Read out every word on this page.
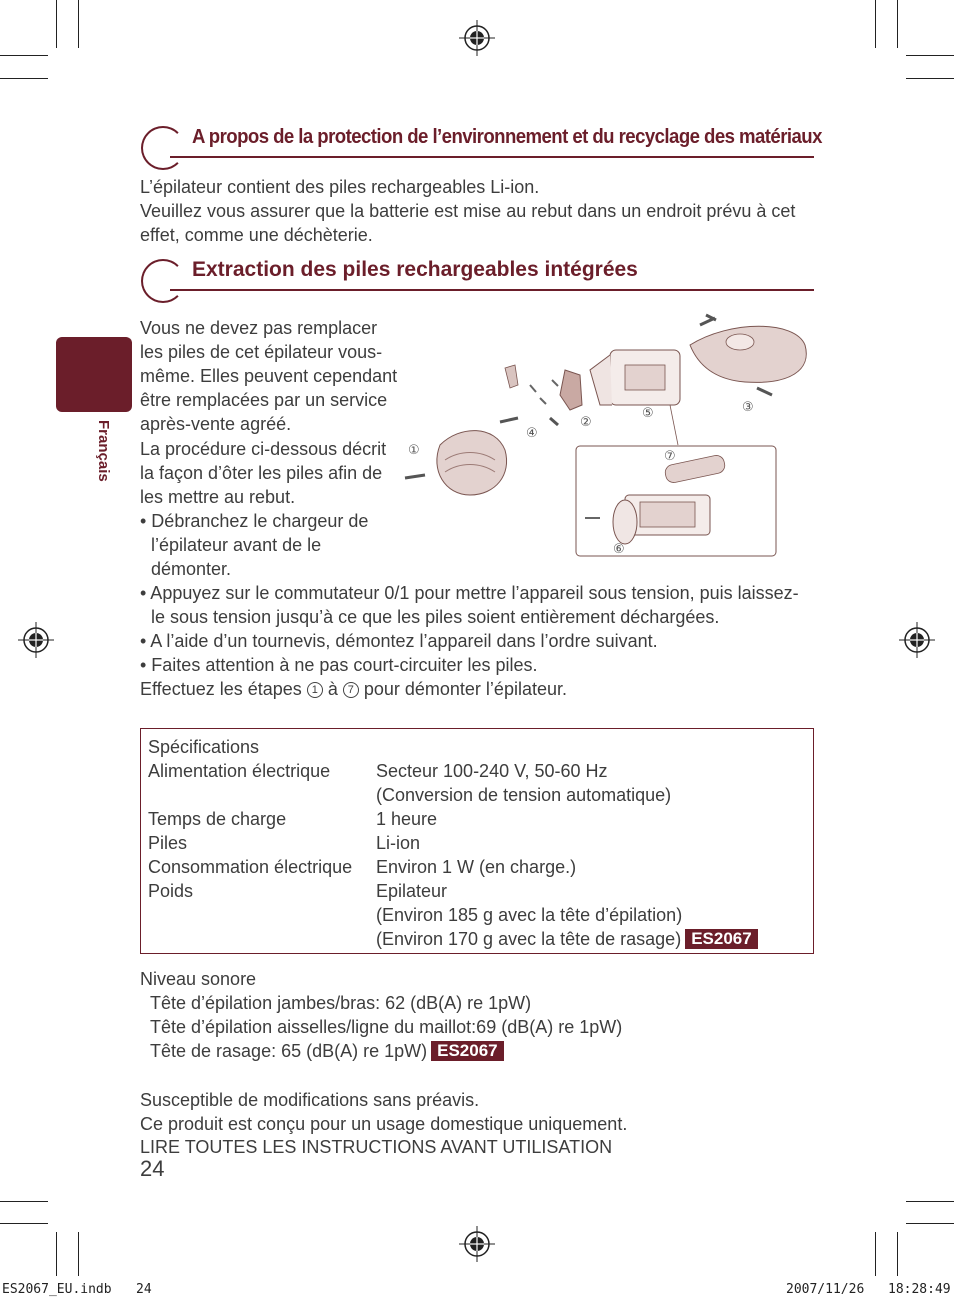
A propos de la protection de l’environnement et du recyclage des matériaux
L’épilateur contient des piles rechargeables Li-ion.
Veuillez vous assurer que la batterie est mise au rebut dans un endroit prévu à cet
effet, comme une déchèterie.
Extraction des piles rechargeables intégrées
Français
Vous ne devez pas remplacer
les piles de cet épilateur vous-
même. Elles peuvent cependant
être remplacées par un service
après-vente agréé.
La procédure ci-dessous décrit
la façon d’ôter les piles afin de
les mettre au rebut.
• Débranchez le chargeur de
l’épilateur avant de le
démonter.
• Appuyez sur le commutateur 0/1 pour mettre l’appareil sous tension, puis laissez-
le sous tension jusqu’à ce que les piles soient entièrement déchargées.
• A l’aide d’un tournevis, démontez l’appareil dans l’ordre suivant.
• Faites attention à ne pas court-circuiter les piles.
Effectuez les étapes 1 à 7 pour démonter l’épilateur.
①
②
③
④
⑤
⑥
⑦
Spécifications
Alimentation électrique	Secteur 100-240 V, 50-60 Hz
(Conversion de tension automatique)
Temps de charge	1 heure
Piles	Li-ion
Consommation électrique Environ 1 W (en charge.)
Poids	Epilateur
(Environ 185 g avec la tête d’épilation)
(Environ 170 g avec la tête de rasage) ES2067
Niveau sonore
Tête d’épilation jambes/bras: 62 (dB(A) re 1pW)
Tête d’épilation aisselles/ligne du maillot:69 (dB(A) re 1pW)
Tête de rasage: 65 (dB(A) re 1pW) ES2067
Susceptible de modifications sans préavis.
Ce produit est conçu pour un usage domestique uniquement.
LIRE TOUTES LES INSTRUCTIONS AVANT UTILISATION
24
ES2067_EU.indb 24	2007/11/26 18:28:49
